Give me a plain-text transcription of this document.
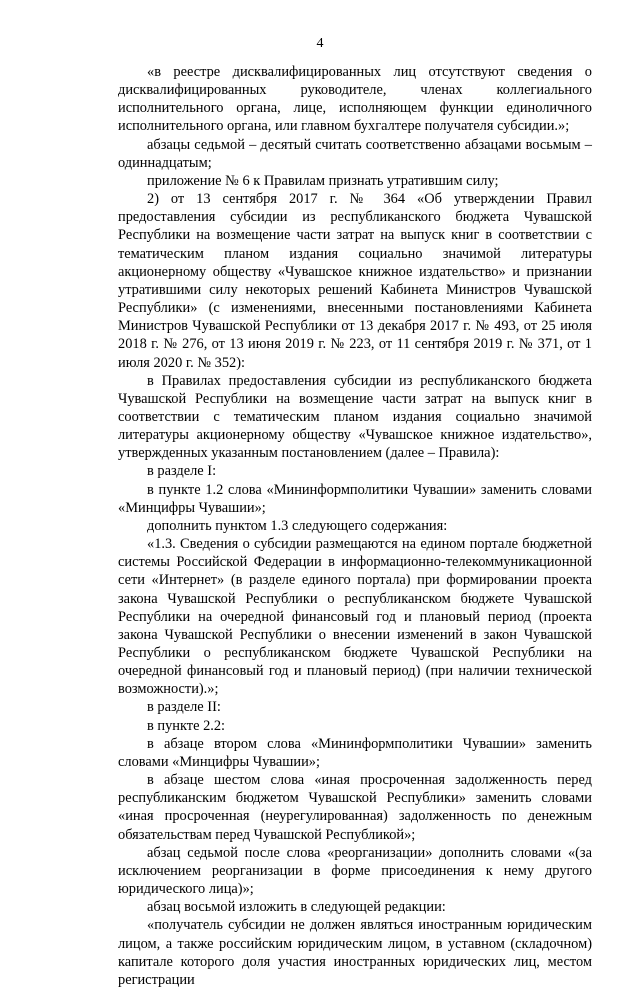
4

«в реестре дисквалифицированных лиц отсутствуют сведения о дисквалифицированных руководителе, членах коллегиального исполнительного органа, лице, исполняющем функции единоличного исполнительного органа, или главном бухгалтере получателя субсидии.»;

абзацы седьмой – десятый считать соответственно абзацами восьмым – одиннадцатым;

приложение № 6 к Правилам признать утратившим силу;

2) от 13 сентября 2017 г. № 364 «Об утверждении Правил предоставления субсидии из республиканского бюджета Чувашской Республики на возмещение части затрат на выпуск книг в соответствии с тематическим планом издания социально значимой литературы акционерному обществу «Чувашское книжное издательство» и признании утратившими силу некоторых решений Кабинета Министров Чувашской Республики» (с изменениями, внесенными постановлениями Кабинета Министров Чувашской Республики от 13 декабря 2017 г. № 493, от 25 июля 2018 г. № 276, от 13 июня 2019 г. № 223, от 11 сентября 2019 г. № 371, от 1 июля 2020 г. № 352):

в Правилах предоставления субсидии из республиканского бюджета Чувашской Республики на возмещение части затрат на выпуск книг в соответствии с тематическим планом издания социально значимой литературы акционерному обществу «Чувашское книжное издательство», утвержденных указанным постановлением (далее – Правила):

в разделе I:

в пункте 1.2 слова «Мининформполитики Чувашии» заменить словами «Минцифры Чувашии»;

дополнить пунктом 1.3 следующего содержания:

«1.3. Сведения о субсидии размещаются на едином портале бюджетной системы Российской Федерации в информационно-телекоммуникационной сети «Интернет» (в разделе единого портала) при формировании проекта закона Чувашской Республики о республиканском бюджете Чувашской Республики на очередной финансовый год и плановый период (проекта закона Чувашской Республики о внесении изменений в закон Чувашской Республики о республиканском бюджете Чувашской Республики на очередной финансовый год и плановый период) (при наличии технической возможности).»;

в разделе II:

в пункте 2.2:

в абзаце втором слова «Мининформполитики Чувашии» заменить словами «Минцифры Чувашии»;

в абзаце шестом слова «иная просроченная задолженность перед республиканским бюджетом Чувашской Республики» заменить словами «иная просроченная (неурегулированная) задолженность по денежным обязательствам перед Чувашской Республикой»;

абзац седьмой после слова «реорганизации» дополнить словами «(за исключением реорганизации в форме присоединения к нему другого юридического лица)»;

абзац восьмой изложить в следующей редакции:

«получатель субсидии не должен являться иностранным юридическим лицом, а также российским юридическим лицом, в уставном (складочном) капитале которого доля участия иностранных юридических лиц, местом регистрации
